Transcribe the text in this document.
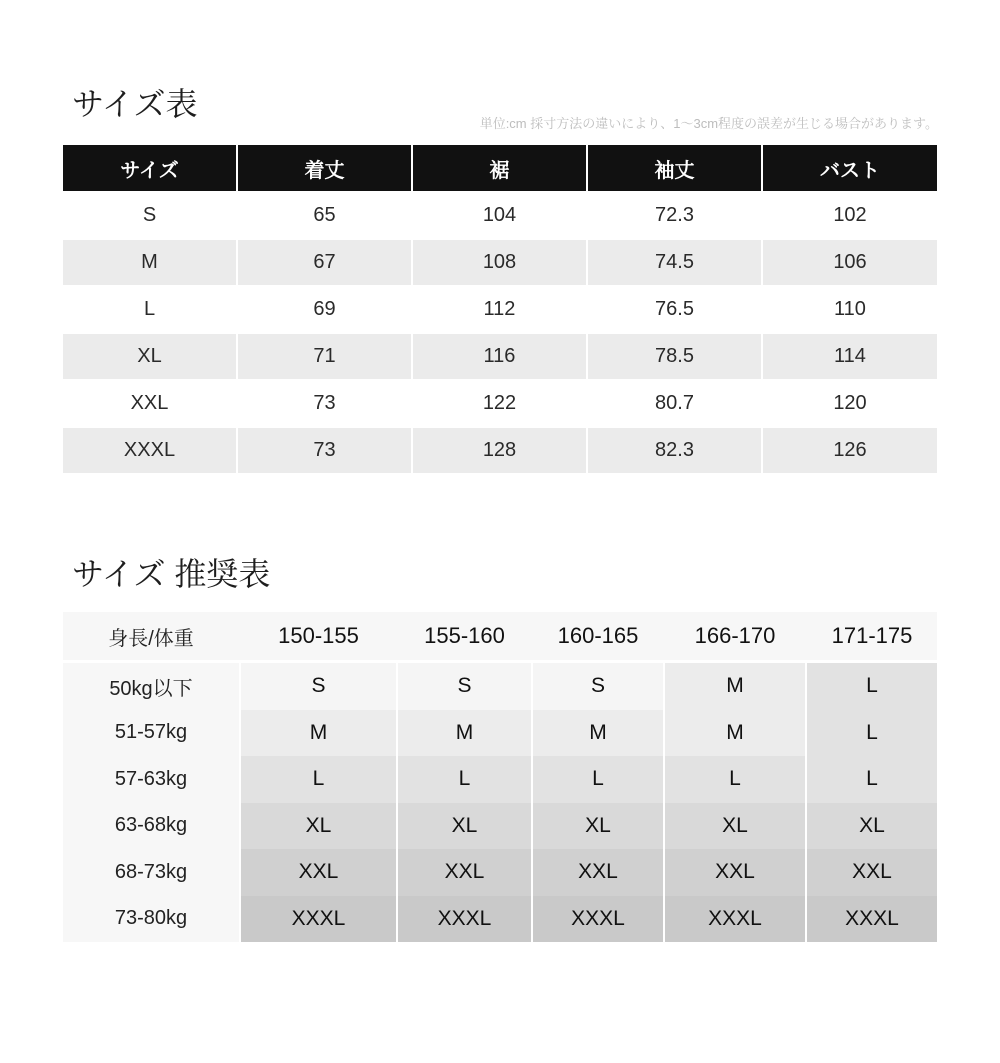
サイズ表
単位:cm 採寸方法の違いにより、1〜3cm程度の誤差が生じる場合があります。
サイズ	着丈	裾	袖丈	バスト
S	65	104	72.3	102
M	67	108	74.5	106
L	69	112	76.5	110
XL	71	116	78.5	114
XXL	73	122	80.7	120
XXXL	73	128	82.3	126
サイズ 推奨表
身長/体重	150-155	155-160	160-165	166-170	171-175
50kg以下	S	S	S	M	L
51-57kg	M	M	M	M	L
57-63kg	L	L	L	L	L
63-68kg	XL	XL	XL	XL	XL
68-73kg	XXL	XXL	XXL	XXL	XXL
73-80kg	XXXL	XXXL	XXXL	XXXL	XXXL
